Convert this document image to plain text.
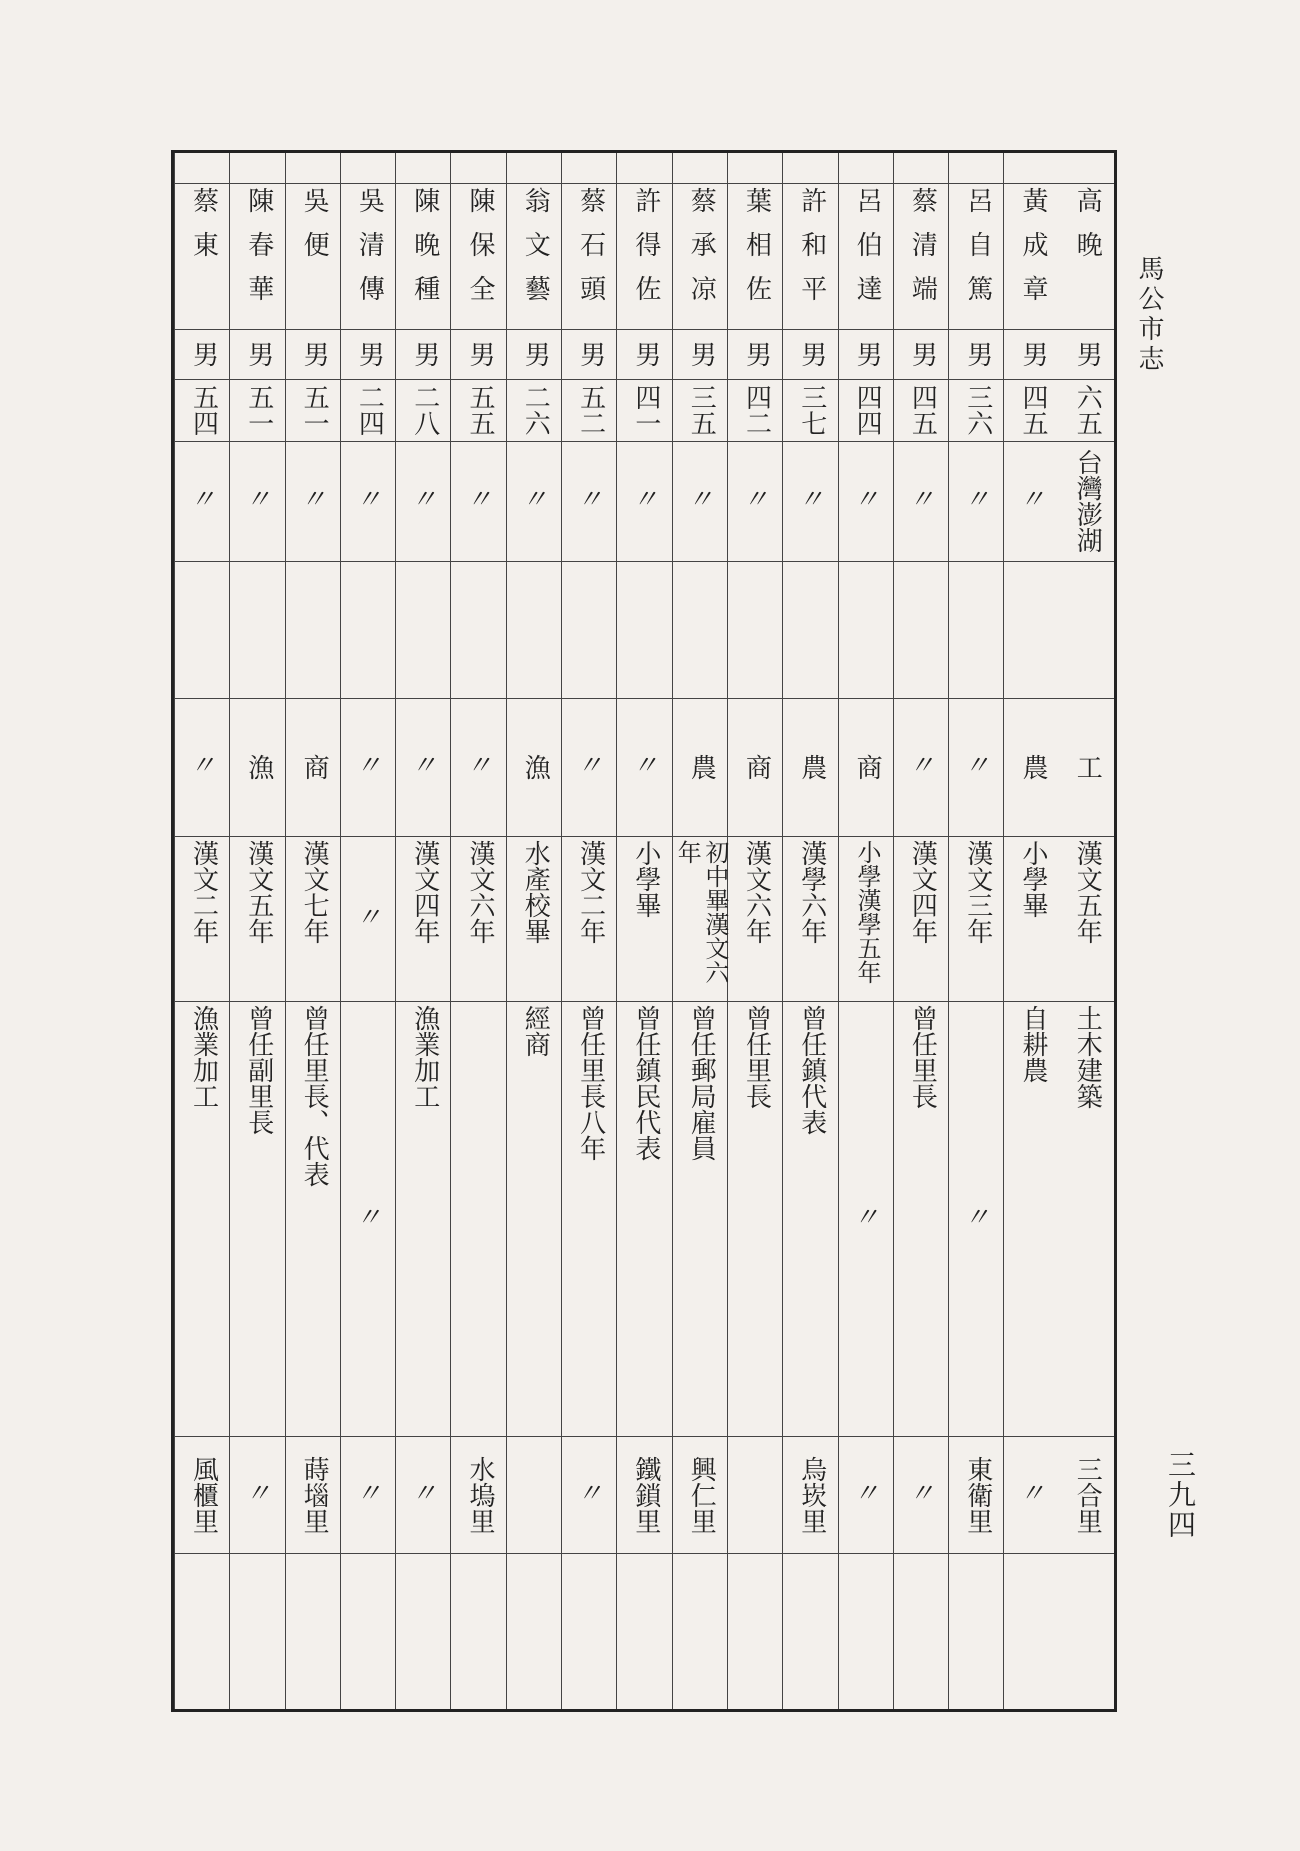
馬公市志
三九四
高晚
男
六五
台灣澎湖
工
漢文五年
土木建築
三合里
黃成章
男
四五
〃
農
小學畢
自耕農
〃
呂自篤
男
三六
〃
〃
漢文三年
〃
東衛里
蔡清端
男
四五
〃
〃
漢文四年
曾任里長
〃
呂伯達
男
四四
〃
商
小學漢學五年
〃
〃
許和平
男
三七
〃
農
漢學六年
曾任鎮代表
烏崁里
葉相佐
男
四二
〃
商
漢文六年
曾任里長
蔡承凉
男
三五
〃
農
初中畢漢文六年
曾任郵局雇員
興仁里
許得佐
男
四一
〃
〃
小學畢
曾任鎮民代表
鐵鎖里
蔡石頭
男
五二
〃
〃
漢文二年
曾任里長八年
〃
翁文藝
男
二六
〃
漁
水產校畢
經商
陳保全
男
五五
〃
〃
漢文六年
水塢里
陳晚種
男
二八
〃
〃
漢文四年
漁業加工
〃
吳清傳
男
二四
〃
〃
〃
〃
〃
吳便
男
五一
〃
商
漢文七年
曾任里長、代表
蒔堖里
陳春華
男
五一
〃
漁
漢文五年
曾任副里長
〃
蔡東
男
五四
〃
〃
漢文二年
漁業加工
風櫃里
